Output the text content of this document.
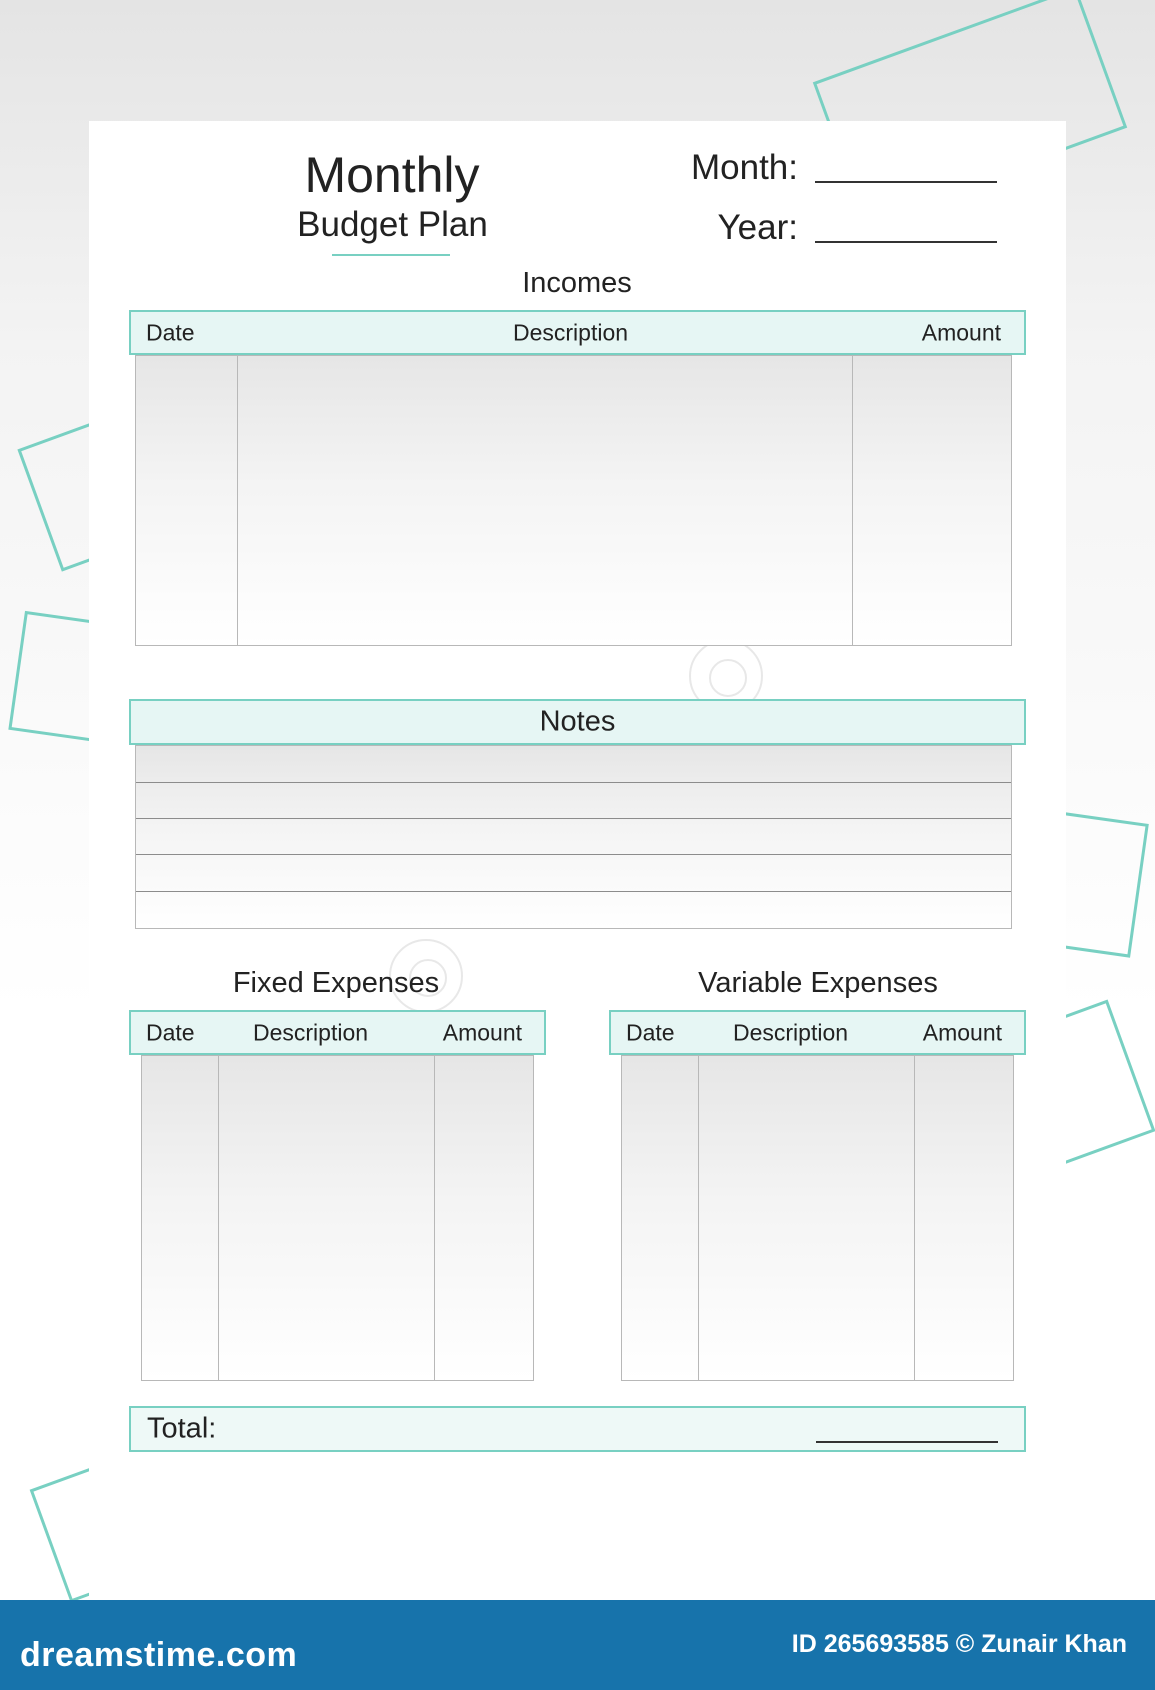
Monthly
Budget Plan
Month:
Year:
Incomes
Date	Description	Amount
Notes
Fixed Expenses
Date	Description	Amount
Variable Expenses
Date	Description	Amount
Total:
dreamstime.com	ID 265693585 © Zunair Khan
